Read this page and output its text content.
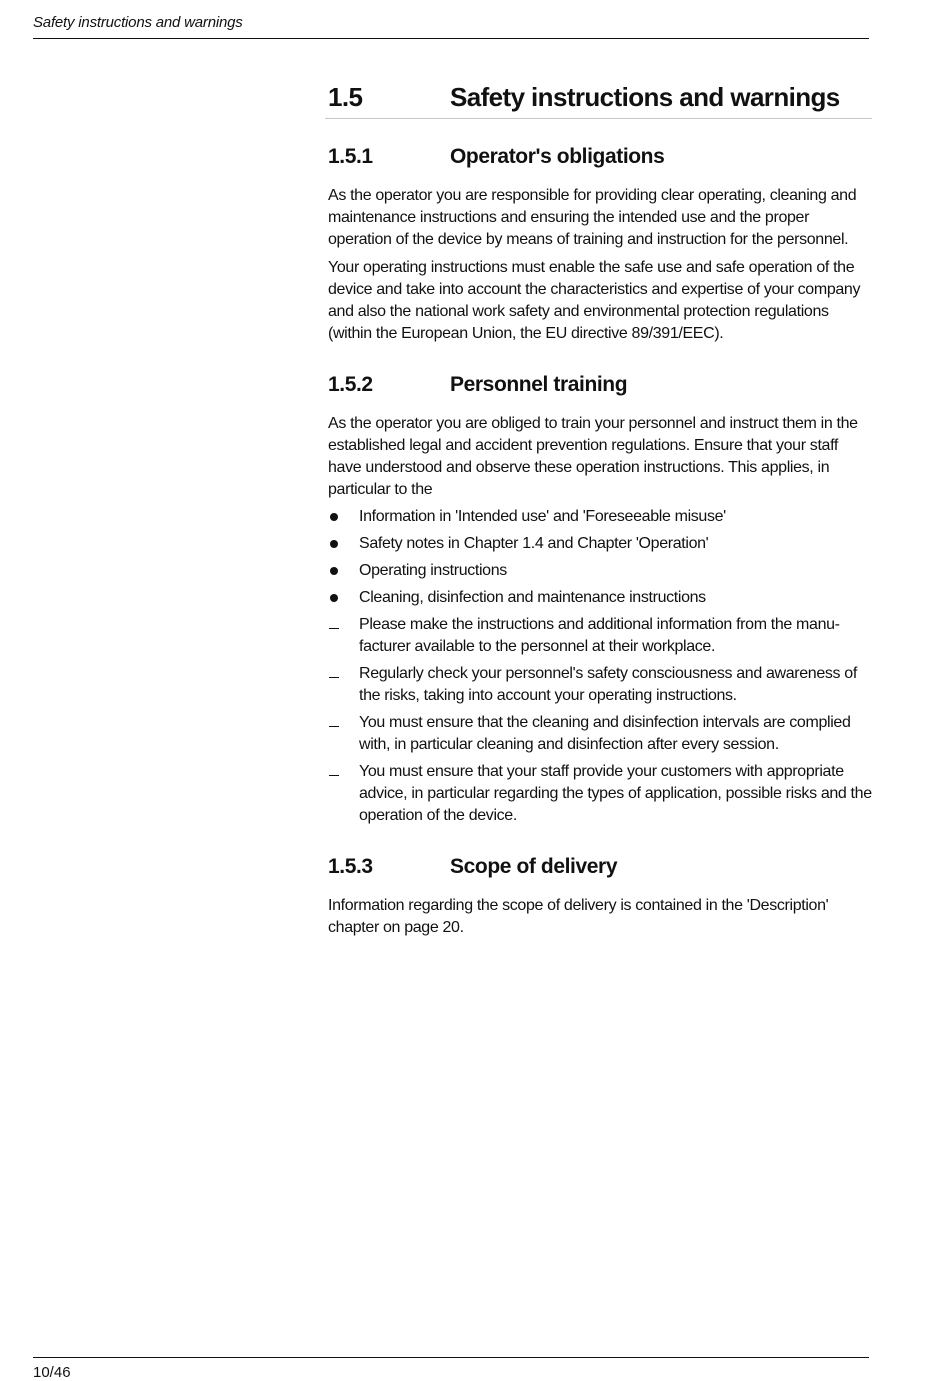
Safety instructions and warnings
1.5	Safety instructions and warnings
1.5.1	Operator's obligations

As the operator you are responsible for providing clear operating, cleaning and maintenance instructions and ensuring the intended use and the proper operation of the device by means of training and instruction for the personnel.

Your operating instructions must enable the safe use and safe operation of the device and take into account the characteristics and expertise of your company and also the national work safety and environmental protection regulations (within the European Union, the EU directive 89/391/EEC).

1.5.2	Personnel training

As the operator you are obliged to train your personnel and instruct them in the established legal and accident prevention regulations. Ensure that your staff have understood and observe these operation instructions. This applies, in particular to the

Information in 'Intended use' and 'Foreseeable misuse'
Safety notes in Chapter 1.4 and Chapter 'Operation'
Operating instructions
Cleaning, disinfection and maintenance instructions
Please make the instructions and additional information from the manu- facturer available to the personnel at their workplace.
Regularly check your personnel's safety consciousness and awareness of the risks, taking into account your operating instructions.
You must ensure that the cleaning and disinfection intervals are complied with, in particular cleaning and disinfection after every session.
You must ensure that your staff provide your customers with appropriate advice, in particular regarding the types of application, possible risks and the operation of the device.
1.5.3	Scope of delivery

Information regarding the scope of delivery is contained in the 'Description' chapter on page 20.

10/46
